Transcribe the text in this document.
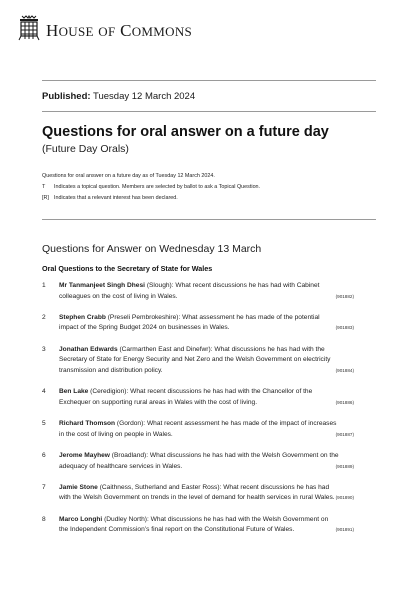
HOUSE OF COMMONS
Published: Tuesday 12 March 2024
Questions for oral answer on a future day
(Future Day Orals)
Questions for oral answer on a future day as of Tuesday 12 March 2024.
T Indicates a topical question. Members are selected by ballot to ask a Topical Question.
[R] Indicates that a relevant interest has been declared.
Questions for Answer on Wednesday 13 March
Oral Questions to the Secretary of State for Wales
1 Mr Tanmanjeet Singh Dhesi (Slough): What recent discussions he has had with Cabinet colleagues on the cost of living in Wales.	(901882)
2 Stephen Crabb (Preseli Pembrokeshire): What assessment he has made of the potential impact of the Spring Budget 2024 on businesses in Wales.	(901883)
3 Jonathan Edwards (Carmarthen East and Dinefwr): What discussions he has had with the Secretary of State for Energy Security and Net Zero and the Welsh Government on electricity transmission and distribution policy.	(901884)
4 Ben Lake (Ceredigion): What recent discussions he has had with the Chancellor of the Exchequer on supporting rural areas in Wales with the cost of living.	(901886)
5 Richard Thomson (Gordon): What recent assessment he has made of the impact of increases in the cost of living on people in Wales.	(901887)
6 Jerome Mayhew (Broadland): What discussions he has had with the Welsh Government on the adequacy of healthcare services in Wales.	(901889)
7 Jamie Stone (Caithness, Sutherland and Easter Ross): What recent discussions he has had with the Welsh Government on trends in the level of demand for health services in rural Wales. (901890)
8 Marco Longhi (Dudley North): What discussions he has had with the Welsh Government on the Independent Commission’s final report on the Constitutional Future of Wales.	(901891)
